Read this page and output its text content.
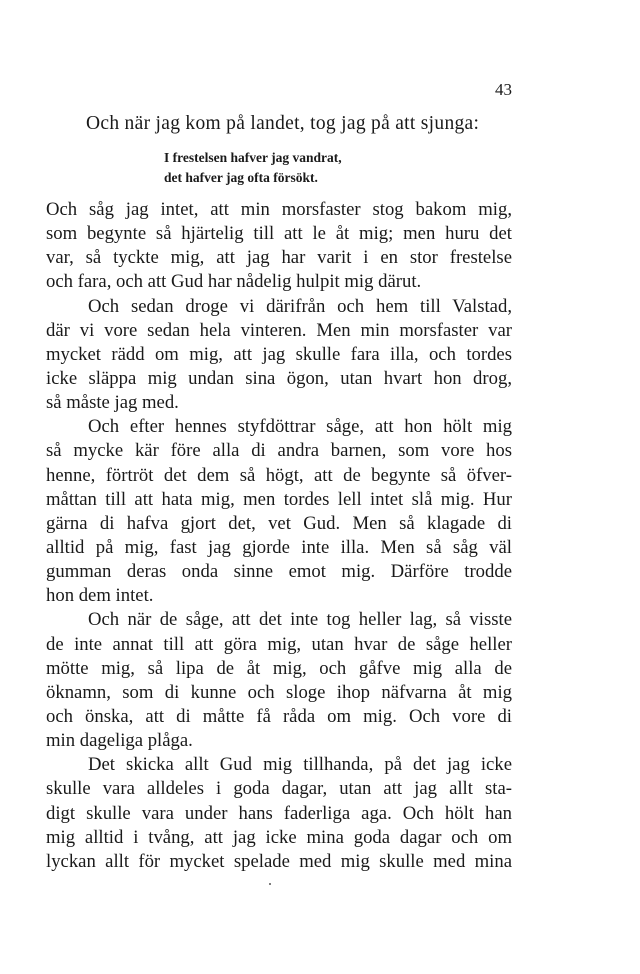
43
Och när jag kom på landet, tog jag på att sjunga:
I frestelsen hafver jag vandrat,
det hafver jag ofta försökt.
Och såg jag intet, att min morsfaster stog bakom mig,
som begynte så hjärtelig till att le åt mig; men huru det
var, så tyckte mig, att jag har varit i en stor frestelse
och fara, och att Gud har nådelig hulpit mig därut.
Och sedan droge vi därifrån och hem till Valstad,
där vi vore sedan hela vinteren. Men min morsfaster var
mycket rädd om mig, att jag skulle fara illa, och tordes
icke släppa mig undan sina ögon, utan hvart hon drog,
så måste jag med.
Och efter hennes styfdöttrar såge, att hon hölt mig
så mycke kär före alla di andra barnen, som vore hos
henne, förtröt det dem så högt, att de begynte så öfver-
måttan till att hata mig, men tordes lell intet slå mig. Hur
gärna di hafva gjort det, vet Gud. Men så klagade di
alltid på mig, fast jag gjorde inte illa. Men så såg väl
gumman deras onda sinne emot mig. Därföre trodde
hon dem intet.
Och när de såge, att det inte tog heller lag, så visste
de inte annat till att göra mig, utan hvar de såge heller
mötte mig, så lipa de åt mig, och gåfve mig alla de
öknamn, som di kunne och sloge ihop näfvarna åt mig
och önska, att di måtte få råda om mig. Och vore di
min dageliga plåga.
Det skicka allt Gud mig tillhanda, på det jag icke
skulle vara alldeles i goda dagar, utan att jag allt sta-
digt skulle vara under hans faderliga aga. Och hölt han
mig alltid i tvång, att jag icke mina goda dagar och om
lyckan allt för mycket spelade med mig skulle med mina
